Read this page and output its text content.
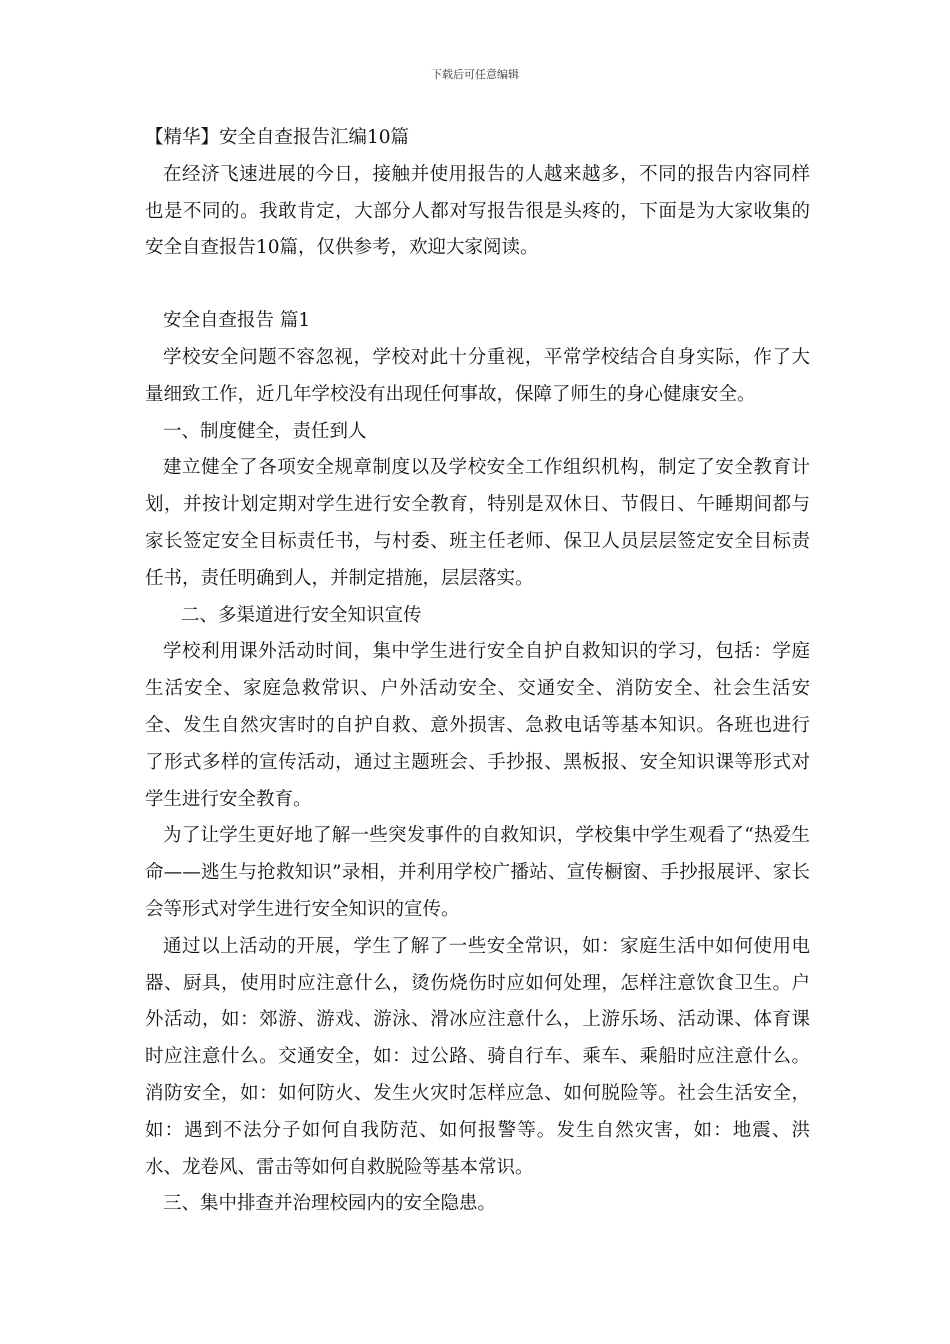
下载后可任意编辑

【精华】安全自查报告汇编10篇

在经济飞速进展的今日，接触并使用报告的人越来越多，不同的报告内容同样也是不同的。我敢肯定，大部分人都对写报告很是头疼的，下面是为大家收集的安全自查报告10篇，仅供参考，欢迎大家阅读。

安全自查报告 篇1

学校安全问题不容忽视，学校对此十分重视，平常学校结合自身实际，作了大量细致工作，近几年学校没有出现任何事故，保障了师生的身心健康安全。

一、制度健全，责任到人

建立健全了各项安全规章制度以及学校安全工作组织机构，制定了安全教育计划，并按计划定期对学生进行安全教育，特别是双休日、节假日、午睡期间都与家长签定安全目标责任书，与村委、班主任老师、保卫人员层层签定安全目标责任书，责任明确到人，并制定措施，层层落实。

二、多渠道进行安全知识宣传

学校利用课外活动时间，集中学生进行安全自护自救知识的学习，包括：学庭生活安全、家庭急救常识、户外活动安全、交通安全、消防安全、社会生活安全、发生自然灾害时的自护自救、意外损害、急救电话等基本知识。各班也进行了形式多样的宣传活动，通过主题班会、手抄报、黑板报、安全知识课等形式对学生进行安全教育。

为了让学生更好地了解一些突发事件的自救知识，学校集中学生观看了“热爱生命——逃生与抢救知识”录相，并利用学校广播站、宣传橱窗、手抄报展评、家长会等形式对学生进行安全知识的宣传。

通过以上活动的开展，学生了解了一些安全常识，如：家庭生活中如何使用电器、厨具，使用时应注意什么，烫伤烧伤时应如何处理，怎样注意饮食卫生。户外活动，如：郊游、游戏、游泳、滑冰应注意什么，上游乐场、活动课、体育课时应注意什么。交通安全，如：过公路、骑自行车、乘车、乘船时应注意什么。消防安全，如：如何防火、发生火灾时怎样应急、如何脱险等。社会生活安全，如：遇到不法分子如何自我防范、如何报警等。发生自然灾害，如：地震、洪水、龙卷风、雷击等如何自救脱险等基本常识。

三、集中排查并治理校园内的安全隐患。
